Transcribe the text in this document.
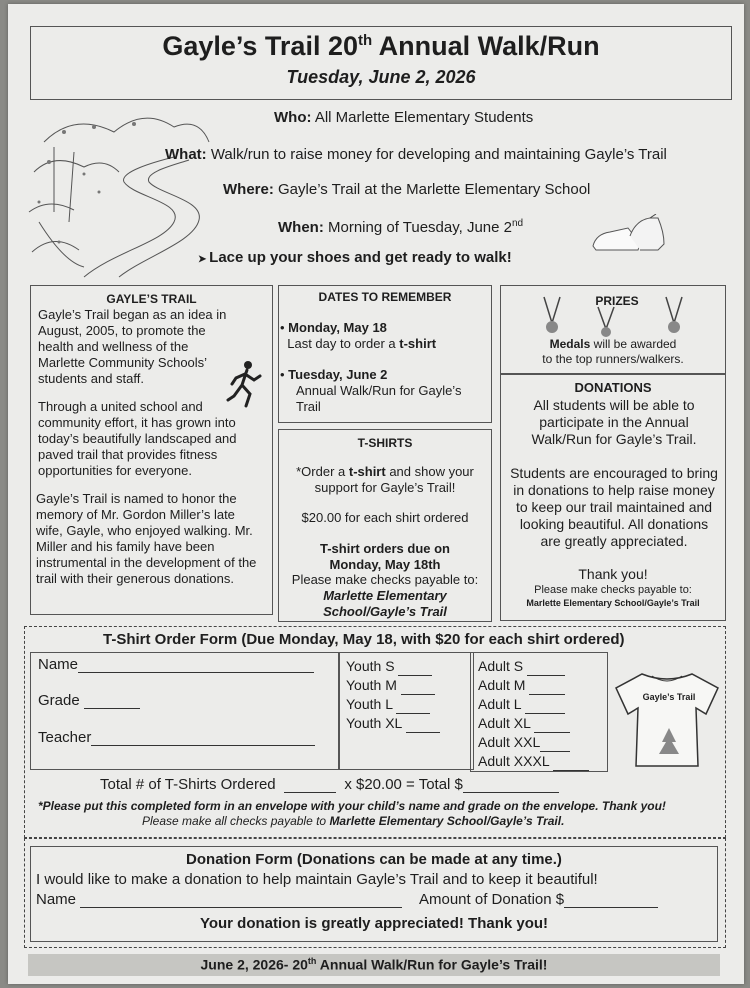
Gayle’s Trail 20th Annual Walk/Run
Tuesday, June 2, 2026
Who: All Marlette Elementary Students
What: Walk/run to raise money for developing and maintaining Gayle’s Trail
Where: Gayle’s Trail at the Marlette Elementary School
When: Morning of Tuesday, June 2nd
➤ Lace up your shoes and get ready to walk!
GAYLE’S TRAIL
Gayle’s Trail began as an idea in August, 2005, to promote the health and wellness of the Marlette Community Schools’ students and staff.
Through a united school and community effort, it has grown into today’s beautifully landscaped and paved trail that provides fitness opportunities for everyone.
Gayle’s Trail is named to honor the memory of Mr. Gordon Miller’s late wife, Gayle, who enjoyed walking. Mr. Miller and his family have been instrumental in the development of the trail with their generous donations.
DATES TO REMEMBER
• Monday, May 18
Last day to order a t-shirt
• Tuesday, June 2

Annual Walk/Run for Gayle’s Trail
T-SHIRTS
*Order a t-shirt and show your support for Gayle’s Trail!
$20.00 for each shirt ordered
T-shirt orders due on
Monday, May 18th
Please make checks payable to: Marlette Elementary School/Gayle’s Trail
PRIZES
Medals will be awarded
to the top runners/walkers.
DONATIONS
All students will be able to participate in the Annual Walk/Run for Gayle’s Trail.
Students are encouraged to bring in donations to help raise money to keep our trail maintained and looking beautiful. All donations are greatly appreciated.
Thank you!
Please make checks payable to:
Marlette Elementary School/Gayle’s Trail
T-Shirt Order Form (Due Monday, May 18, with $20 for each shirt ordered)
Name
Grade
Teacher
Youth S
Youth M
Youth L
Youth XL
Adult S
Adult M
Adult L
Adult XL
Adult XXL
Adult XXXL
Gayle’s Trail
Total # of T-Shirts Ordered	x $20.00 = Total $
*Please put this completed form in an envelope with your child’s name and grade on the envelope. Thank you!
Please make all checks payable to Marlette Elementary School/Gayle’s Trail.
Donation Form (Donations can be made at any time.)
I would like to make a donation to help maintain Gayle’s Trail and to keep it beautiful!
Name	Amount of Donation $
Your donation is greatly appreciated! Thank you!
June 2, 2026- 20th Annual Walk/Run for Gayle’s Trail!
